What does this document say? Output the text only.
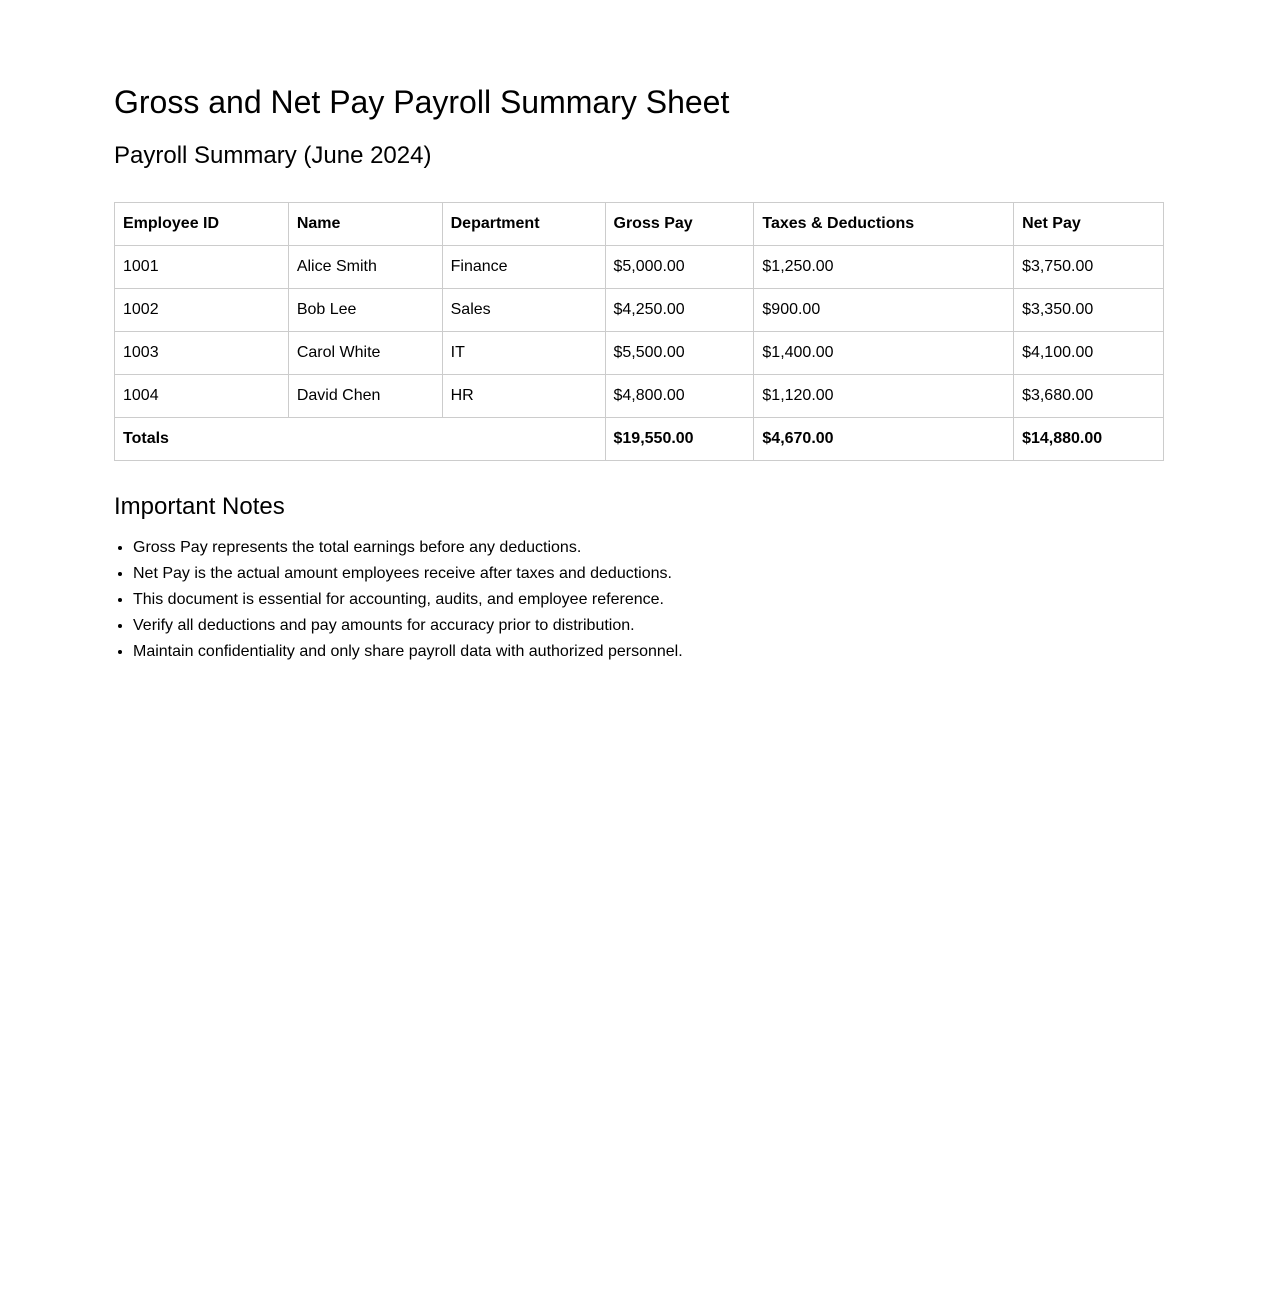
Gross and Net Pay Payroll Summary Sheet
Payroll Summary (June 2024)
Employee ID	Name	Department	Gross Pay	Taxes & Deductions	Net Pay
1001	Alice Smith	Finance	$5,000.00	$1,250.00	$3,750.00
1002	Bob Lee	Sales	$4,250.00	$900.00	$3,350.00
1003	Carol White	IT	$5,500.00	$1,400.00	$4,100.00
1004	David Chen	HR	$4,800.00	$1,120.00	$3,680.00
Totals			$19,550.00	$4,670.00	$14,880.00
Important Notes
• Gross Pay represents the total earnings before any deductions.
• Net Pay is the actual amount employees receive after taxes and deductions.
• This document is essential for accounting, audits, and employee reference.
• Verify all deductions and pay amounts for accuracy prior to distribution.
• Maintain confidentiality and only share payroll data with authorized personnel.
